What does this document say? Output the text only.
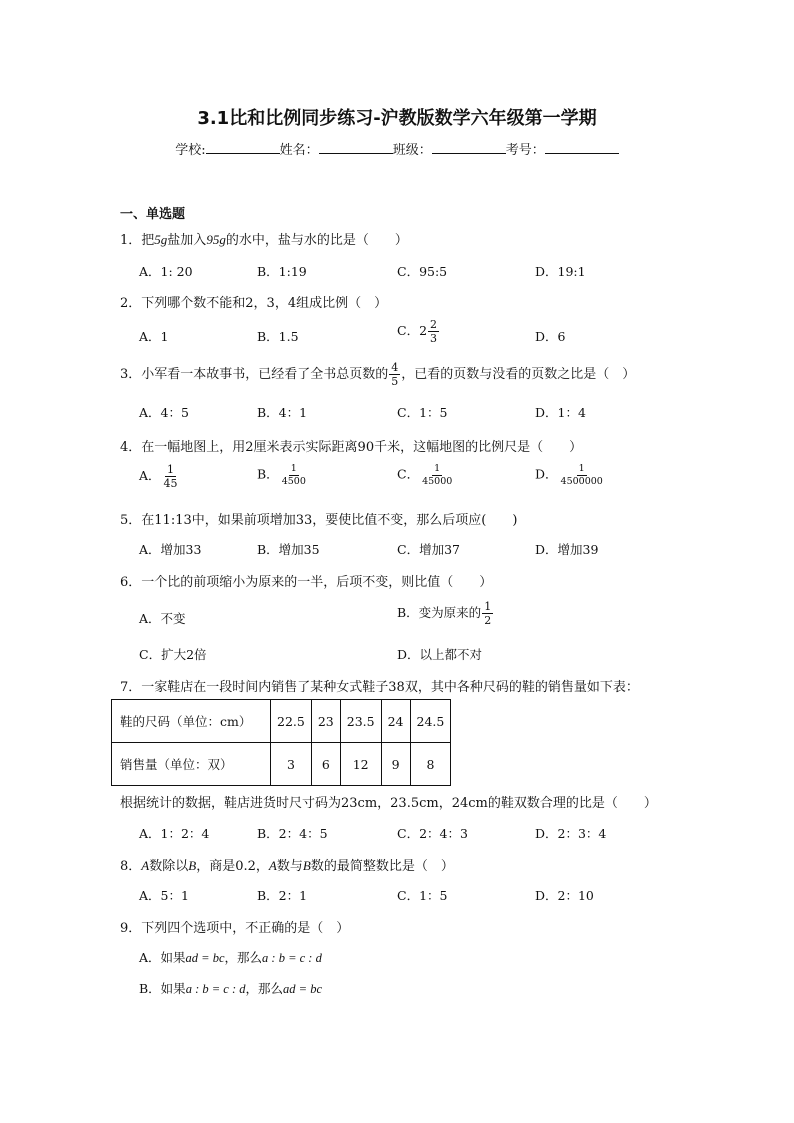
3.1比和比例同步练习-沪教版数学六年级第一学期
学校:	姓名：	班级：	考号：
一、单选题
1．把5g盐加入95g的水中，盐与水的比是（　　）
A．1: 20	B．1:19	C．95:5	D．19:1
2．下列哪个数不能和2，3，4组成比例（　）
A．1	B．1.5	C．$2 \frac{2}{3}$	D．6
3．小军看一本故事书，已经看了全书总页数的 $\frac{4}{5}$ ，已看的页数与没看的页数之比是（　）
A．4：5	B．4：1	C．1：5	D．1：4
4．在一幅地图上，用2厘米表示实际距离90千米，这幅地图的比例尺是（　　）
A． $\frac{1}{45}$	B． $\frac{1}{4500}$	C． $\frac{1}{45000}$	D． $\frac{1}{4500000}$
5．在11:13中，如果前项增加33，要使比值不变，那么后项应(　　)
A．增加33	B．增加35	C．增加37	D．增加39
6．一个比的前项缩小为原来的一半，后项不变，则比值（　　）
A．不变	B．变为原来的 $\frac{1}{2}$
C．扩大2倍	D．以上都不对
7．一家鞋店在一段时间内销售了某种女式鞋子38双，其中各种尺码的鞋的销售量如下表：
鞋的尺码（单位：cm）	22.5	23	23.5	24	24.5
销售量（单位：双）	3	6	12	9	8
根据统计的数据，鞋店进货时尺寸码为23cm，23.5cm，24cm的鞋双数合理的比是（　　）
A．1：2：4	B．2：4：5	C．2：4：3	D．2：3：4
8．A数除以B，商是0.2，A数与B数的最简整数比是（　）
A．5：1	B．2：1	C．1：5	D．2：10
9．下列四个选项中，不正确的是（　）
A．如果ad = bc，那么a : b = c : d
B．如果a : b = c : d，那么ad = bc
